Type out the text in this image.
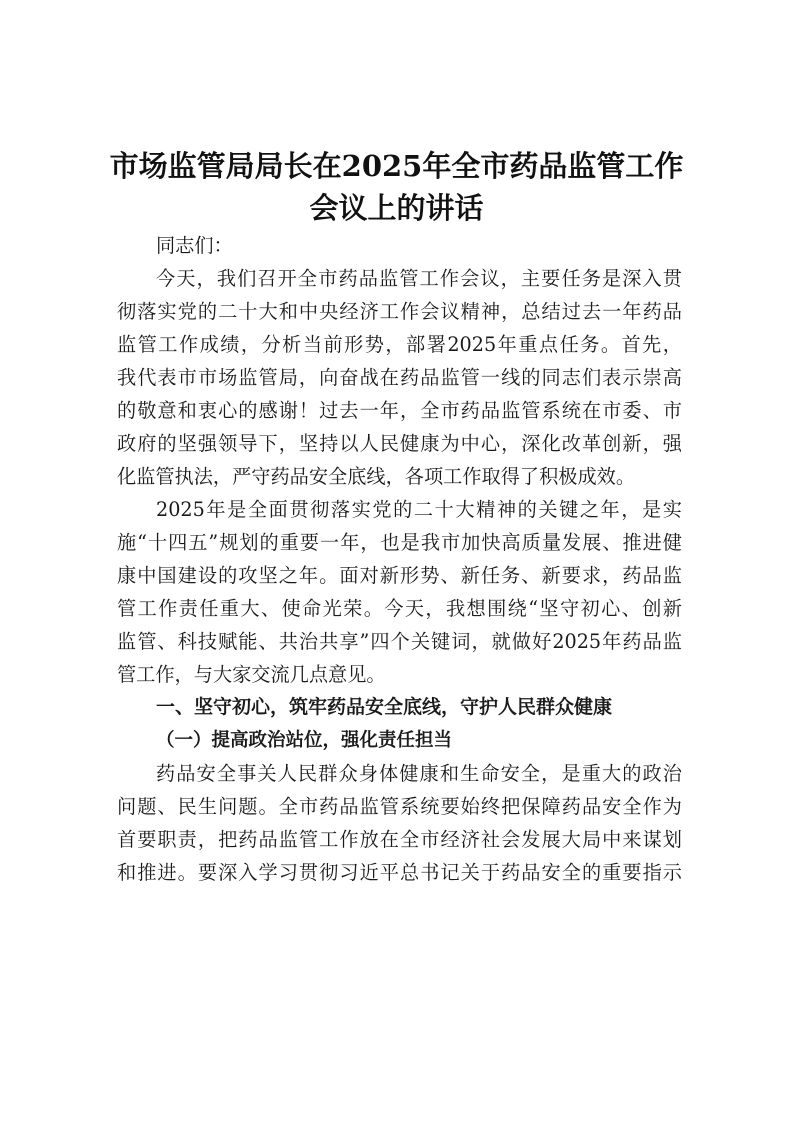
市场监管局局长在2025年全市药品监管工作
会议上的讲话
同志们：
今天，我们召开全市药品监管工作会议，主要任务是深入贯
彻落实党的二十大和中央经济工作会议精神，总结过去一年药品
监管工作成绩，分析当前形势，部署2025年重点任务。首先，
我代表市市场监管局，向奋战在药品监管一线的同志们表示崇高
的敬意和衷心的感谢！过去一年，全市药品监管系统在市委、市
政府的坚强领导下，坚持以人民健康为中心，深化改革创新，强
化监管执法，严守药品安全底线，各项工作取得了积极成效。
2025年是全面贯彻落实党的二十大精神的关键之年，是实
施“十四五”规划的重要一年，也是我市加快高质量发展、推进健
康中国建设的攻坚之年。面对新形势、新任务、新要求，药品监
管工作责任重大、使命光荣。今天，我想围绕“坚守初心、创新
监管、科技赋能、共治共享”四个关键词，就做好2025年药品监
管工作，与大家交流几点意见。
一、坚守初心，筑牢药品安全底线，守护人民群众健康
（一）提高政治站位，强化责任担当
药品安全事关人民群众身体健康和生命安全，是重大的政治
问题、民生问题。全市药品监管系统要始终把保障药品安全作为
首要职责，把药品监管工作放在全市经济社会发展大局中来谋划
和推进。要深入学习贯彻习近平总书记关于药品安全的重要指示
